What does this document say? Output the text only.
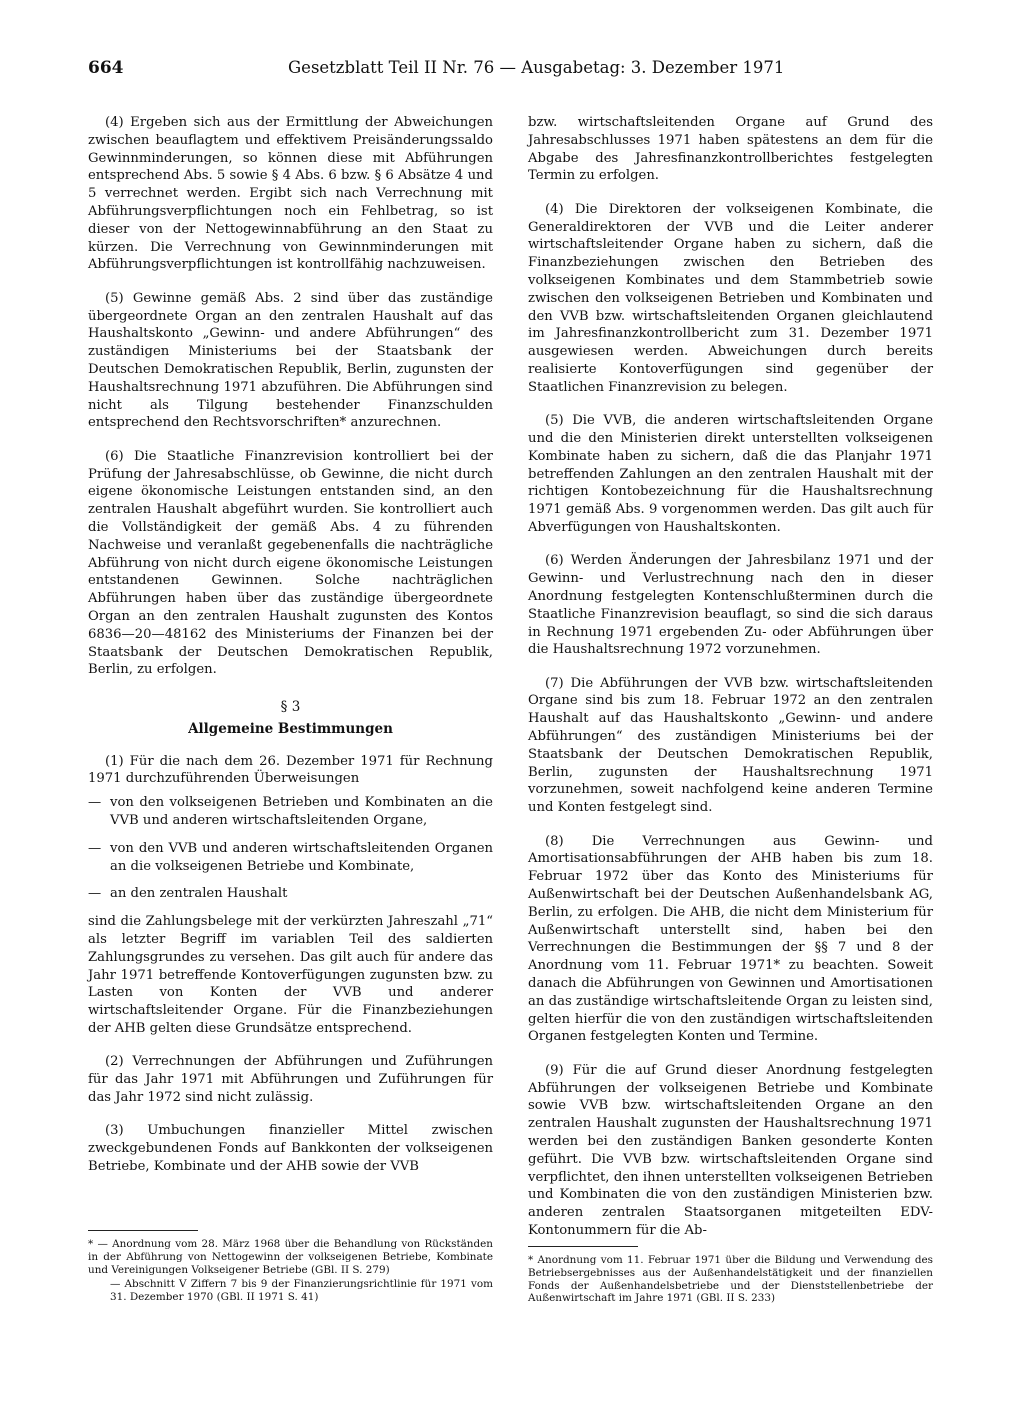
664	Gesetzblatt Teil II Nr. 76 — Ausgabetag: 3. Dezember 1971

(4) Ergeben sich aus der Ermittlung der Abweichungen zwischen beauflagtem und effektivem Preisänderungssaldo Gewinnminderungen, so können diese mit Abführungen entsprechend Abs. 5 sowie § 4 Abs. 6 bzw. § 6 Absätze 4 und 5 verrechnet werden. Ergibt sich nach Verrechnung mit Abführungsverpflichtungen noch ein Fehlbetrag, so ist dieser von der Nettogewinnabführung an den Staat zu kürzen. Die Verrechnung von Gewinnminderungen mit Abführungsverpflichtungen ist kontrollfähig nachzuweisen.

(5) Gewinne gemäß Abs. 2 sind über das zuständige übergeordnete Organ an den zentralen Haushalt auf das Haushaltskonto „Gewinn- und andere Abführungen“ des zuständigen Ministeriums bei der Staatsbank der Deutschen Demokratischen Republik, Berlin, zugunsten der Haushaltsrechnung 1971 abzuführen. Die Abführungen sind nicht als Tilgung bestehender Finanzschulden entsprechend den Rechtsvorschriften* anzurechnen.

(6) Die Staatliche Finanzrevision kontrolliert bei der Prüfung der Jahresabschlüsse, ob Gewinne, die nicht durch eigene ökonomische Leistungen entstanden sind, an den zentralen Haushalt abgeführt wurden. Sie kontrolliert auch die Vollständigkeit der gemäß Abs. 4 zu führenden Nachweise und veranlaßt gegebenenfalls die nachträgliche Abführung von nicht durch eigene ökonomische Leistungen entstandenen Gewinnen. Solche nachträglichen Abführungen haben über das zuständige übergeordnete Organ an den zentralen Haushalt zugunsten des Kontos 6836—20—48162 des Ministeriums der Finanzen bei der Staatsbank der Deutschen Demokratischen Republik, Berlin, zu erfolgen.

§ 3
Allgemeine Bestimmungen

(1) Für die nach dem 26. Dezember 1971 für Rechnung 1971 durchzuführenden Überweisungen

— von den volkseigenen Betrieben und Kombinaten an die VVB und anderen wirtschaftsleitenden Organe,
— von den VVB und anderen wirtschaftsleitenden Organen an die volkseigenen Betriebe und Kombinate,
— an den zentralen Haushalt

sind die Zahlungsbelege mit der verkürzten Jahreszahl „71“ als letzter Begriff im variablen Teil des saldierten Zahlungsgrundes zu versehen. Das gilt auch für andere das Jahr 1971 betreffende Kontoverfügungen zugunsten bzw. zu Lasten von Konten der VVB und anderer wirtschaftsleitender Organe. Für die Finanzbeziehungen der AHB gelten diese Grundsätze entsprechend.

(2) Verrechnungen der Abführungen und Zuführungen für das Jahr 1971 mit Abführungen und Zuführungen für das Jahr 1972 sind nicht zulässig.

(3) Umbuchungen finanzieller Mittel zwischen zweckgebundenen Fonds auf Bankkonten der volkseigenen Betriebe, Kombinate und der AHB sowie der VVB

* — Anordnung vom 28. März 1968 über die Behandlung von Rückständen in der Abführung von Nettogewinn der volkseigenen Betriebe, Kombinate und Vereinigungen Volkseigener Betriebe (GBl. II S. 279)

— Abschnitt V Ziffern 7 bis 9 der Finanzierungsrichtlinie für 1971 vom 31. Dezember 1970 (GBl. II 1971 S. 41)

bzw. wirtschaftsleitenden Organe auf Grund des Jahresabschlusses 1971 haben spätestens an dem für die Abgabe des Jahresfinanzkontrollberichtes festgelegten Termin zu erfolgen.

(4) Die Direktoren der volkseigenen Kombinate, die Generaldirektoren der VVB und die Leiter anderer wirtschaftsleitender Organe haben zu sichern, daß die Finanzbeziehungen zwischen den Betrieben des volkseigenen Kombinates und dem Stammbetrieb sowie zwischen den volkseigenen Betrieben und Kombinaten und den VVB bzw. wirtschaftsleitenden Organen gleichlautend im Jahresfinanzkontrollbericht zum 31. Dezember 1971 ausgewiesen werden. Abweichungen durch bereits realisierte Kontoverfügungen sind gegenüber der Staatlichen Finanzrevision zu belegen.

(5) Die VVB, die anderen wirtschaftsleitenden Organe und die den Ministerien direkt unterstellten volkseigenen Kombinate haben zu sichern, daß die das Planjahr 1971 betreffenden Zahlungen an den zentralen Haushalt mit der richtigen Kontobezeichnung für die Haushaltsrechnung 1971 gemäß Abs. 9 vorgenommen werden. Das gilt auch für Abverfügungen von Haushaltskonten.

(6) Werden Änderungen der Jahresbilanz 1971 und der Gewinn- und Verlustrechnung nach den in dieser Anordnung festgelegten Kontenschlußterminen durch die Staatliche Finanzrevision beauflagt, so sind die sich daraus in Rechnung 1971 ergebenden Zu- oder Abführungen über die Haushaltsrechnung 1972 vorzunehmen.

(7) Die Abführungen der VVB bzw. wirtschaftsleitenden Organe sind bis zum 18. Februar 1972 an den zentralen Haushalt auf das Haushaltskonto „Gewinn- und andere Abführungen“ des zuständigen Ministeriums bei der Staatsbank der Deutschen Demokratischen Republik, Berlin, zugunsten der Haushaltsrechnung 1971 vorzunehmen, soweit nachfolgend keine anderen Termine und Konten festgelegt sind.

(8) Die Verrechnungen aus Gewinn- und Amortisationsabführungen der AHB haben bis zum 18. Februar 1972 über das Konto des Ministeriums für Außenwirtschaft bei der Deutschen Außenhandelsbank AG, Berlin, zu erfolgen. Die AHB, die nicht dem Ministerium für Außenwirtschaft unterstellt sind, haben bei den Verrechnungen die Bestimmungen der §§ 7 und 8 der Anordnung vom 11. Februar 1971* zu beachten. Soweit danach die Abführungen von Gewinnen und Amortisationen an das zuständige wirtschaftsleitende Organ zu leisten sind, gelten hierfür die von den zuständigen wirtschaftsleitenden Organen festgelegten Konten und Termine.

(9) Für die auf Grund dieser Anordnung festgelegten Abführungen der volkseigenen Betriebe und Kombinate sowie VVB bzw. wirtschaftsleitenden Organe an den zentralen Haushalt zugunsten der Haushaltsrechnung 1971 werden bei den zuständigen Banken gesonderte Konten geführt. Die VVB bzw. wirtschaftsleitenden Organe sind verpflichtet, den ihnen unterstellten volkseigenen Betrieben und Kombinaten die von den zuständigen Ministerien bzw. anderen zentralen Staatsorganen mitgeteilten EDV-Kontonummern für die Ab-

* Anordnung vom 11. Februar 1971 über die Bildung und Verwendung des Betriebsergebnisses aus der Außenhandelstätigkeit und der finanziellen Fonds der Außenhandelsbetriebe und der Dienststellenbetriebe der Außenwirtschaft im Jahre 1971 (GBl. II S. 233)
